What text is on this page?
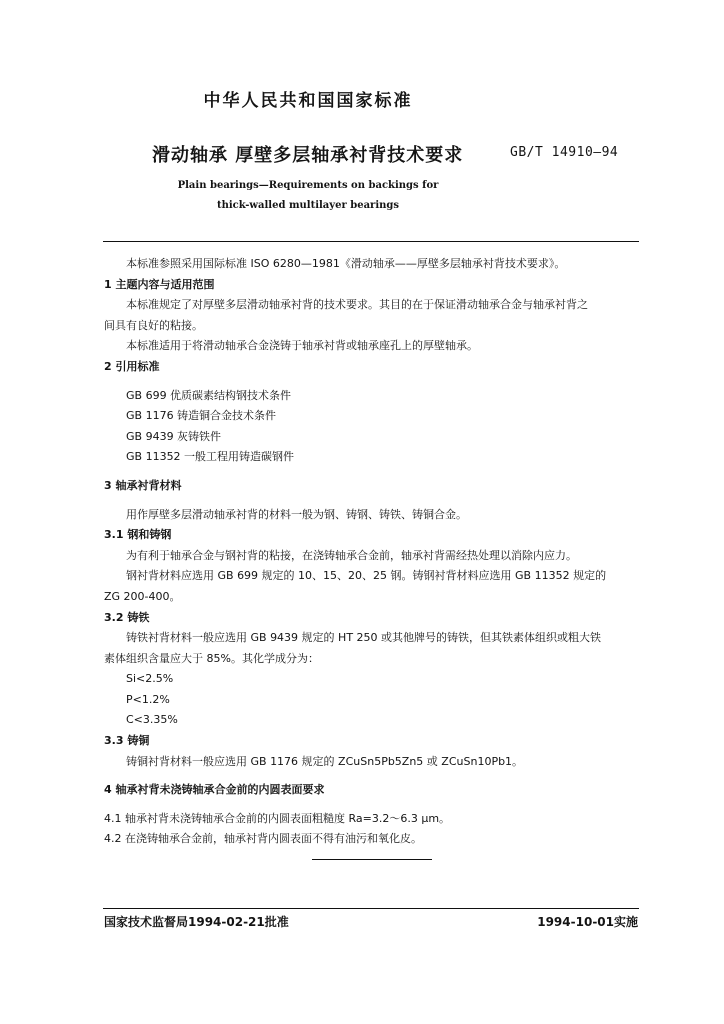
中华人民共和国国家标准
滑动轴承 厚壁多层轴承衬背技术要求	GB/T 14910—94
Plain bearings—Requirements on backings for
thick-walled multilayer bearings
本标准参照采用国际标准 ISO 6280—1981《滑动轴承——厚壁多层轴承衬背技术要求》。
1 主题内容与适用范围
本标准规定了对厚壁多层滑动轴承衬背的技术要求。其目的在于保证滑动轴承合金与轴承衬背之
间具有良好的粘接。
本标准适用于将滑动轴承合金浇铸于轴承衬背或轴承座孔上的厚壁轴承。
2 引用标准
GB 699 优质碳素结构钢技术条件
GB 1176 铸造铜合金技术条件
GB 9439 灰铸铁件
GB 11352 一般工程用铸造碳钢件
3 轴承衬背材料
用作厚壁多层滑动轴承衬背的材料一般为钢、铸钢、铸铁、铸铜合金。
3.1 钢和铸钢
为有利于轴承合金与钢衬背的粘接，在浇铸轴承合金前，轴承衬背需经热处理以消除内应力。
钢衬背材料应选用 GB 699 规定的 10、15、20、25 钢。铸钢衬背材料应选用 GB 11352 规定的
ZG 200-400。
3.2 铸铁
铸铁衬背材料一般应选用 GB 9439 规定的 HT 250 或其他牌号的铸铁，但其铁素体组织或粗大铁
素体组织含量应大于 85%。其化学成分为：
Si<2.5%
P<1.2%
C<3.35%
3.3 铸铜
铸铜衬背材料一般应选用 GB 1176 规定的 ZCuSn5Pb5Zn5 或 ZCuSn10Pb1。
4 轴承衬背未浇铸轴承合金前的内圆表面要求
4.1 轴承衬背未浇铸轴承合金前的内圆表面粗糙度 Ra=3.2～6.3 μm。
4.2 在浇铸轴承合金前，轴承衬背内圆表面不得有油污和氧化皮。
国家技术监督局1994-02-21批准	1994-10-01实施
